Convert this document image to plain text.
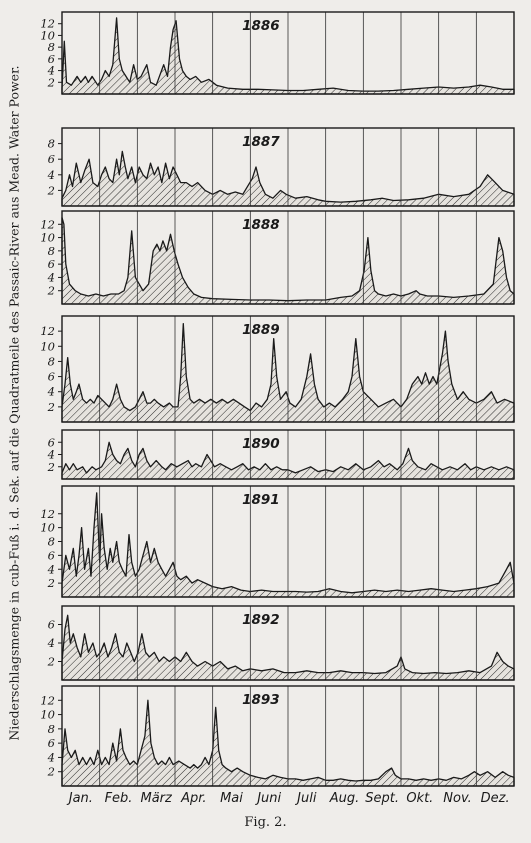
2
4
6
8
10
12	1886
2
4
6
8	1887
2
4
6
8
10
12	1888
2
4
6
8
10
12	1889
2
4
6	1890
2
4
6
8
10
12
1891
2
4
6	1892
2
4
6
8
10
12	1893
Jan. Feb. März Apr. Mai Juni Juli Aug. Sept. Okt. Nov. Dez.
Niederschlagsmenge in cub-Fuß i. d. Sek. auf die Quadratmeile des Passaic-River aus Mead. Water Power.
Fig. 2.
